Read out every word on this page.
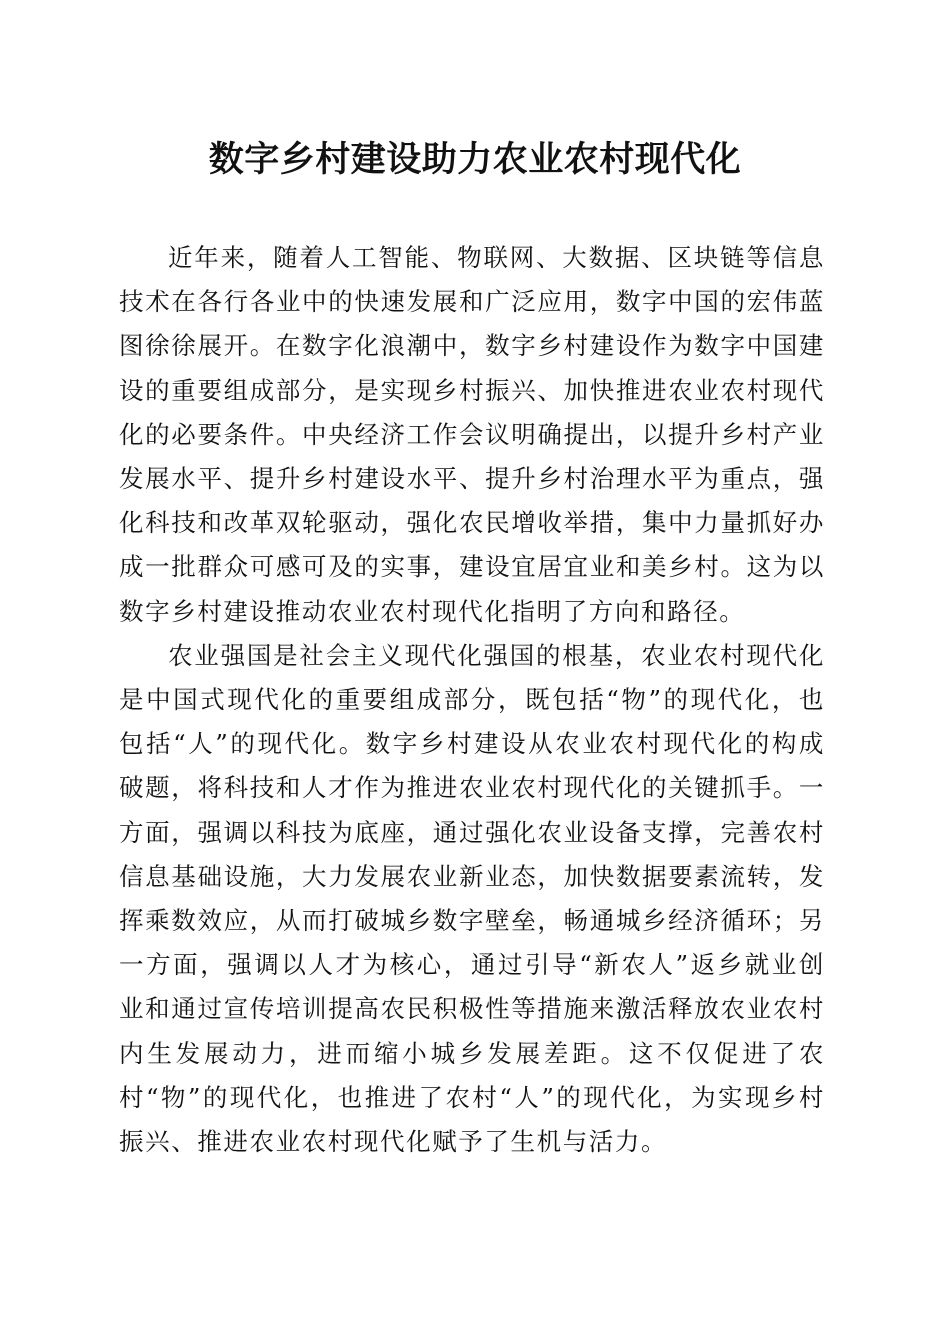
数字乡村建设助力农业农村现代化

近年来，随着人工智能、物联网、大数据、区块链等信息技术在各行各业中的快速发展和广泛应用，数字中国的宏伟蓝图徐徐展开。在数字化浪潮中，数字乡村建设作为数字中国建设的重要组成部分，是实现乡村振兴、加快推进农业农村现代化的必要条件。中央经济工作会议明确提出，以提升乡村产业发展水平、提升乡村建设水平、提升乡村治理水平为重点，强化科技和改革双轮驱动，强化农民增收举措，集中力量抓好办成一批群众可感可及的实事，建设宜居宜业和美乡村。这为以数字乡村建设推动农业农村现代化指明了方向和路径。

农业强国是社会主义现代化强国的根基，农业农村现代化是中国式现代化的重要组成部分，既包括“物”的现代化，也包括“人”的现代化。数字乡村建设从农业农村现代化的构成破题，将科技和人才作为推进农业农村现代化的关键抓手。一方面，强调以科技为底座，通过强化农业设备支撑，完善农村信息基础设施，大力发展农业新业态，加快数据要素流转，发挥乘数效应，从而打破城乡数字壁垒，畅通城乡经济循环；另一方面，强调以人才为核心，通过引导“新农人”返乡就业创业和通过宣传培训提高农民积极性等措施来激活释放农业农村内生发展动力，进而缩小城乡发展差距。这不仅促进了农村“物”的现代化，也推进了农村“人”的现代化，为实现乡村振兴、推进农业农村现代化赋予了生机与活力。
